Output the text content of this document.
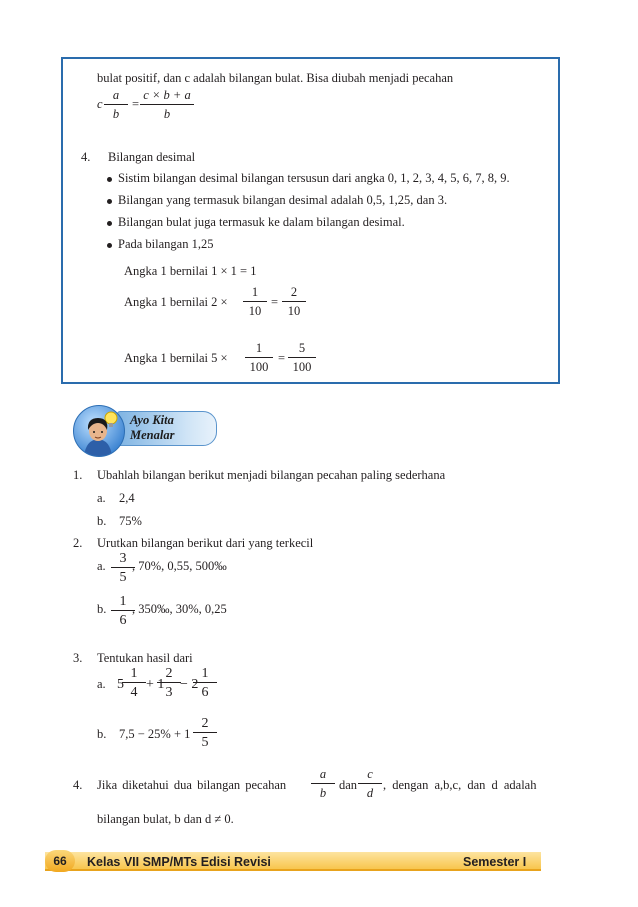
bulat positif, dan c adalah bilangan bulat. Bisa diubah menjadi pecahan
c
a
b
=
c × b + a
b
4. Bilangan desimal
Sistim bilangan desimal bilangan tersusun dari angka 0, 1, 2, 3, 4, 5, 6, 7, 8, 9.
Bilangan yang termasuk bilangan desimal adalah 0,5, 1,25, dan 3.
Bilangan bulat juga termasuk ke dalam bilangan desimal.
Pada bilangan 1,25
Angka 1 bernilai 1 × 1 = 1
Angka 1 bernilai 2 ×
1
10
=
2
10
Angka 1 bernilai 5 ×
1
100
=
5
100
Ayo Kita
Menalar
1. Ubahlah bilangan berikut menjadi bilangan pecahan paling sederhana
a. 2,4
b. 75%
2. Urutkan bilangan berikut dari yang terkecil
a. 3
5
, 70%, 0,55, 500‰
b. 1
6
, 350‰, 30%, 0,25
3. Tentukan hasil dari
a. 5
1
4
+ 1
2
3
− 2
1
6
b. 7,5 − 25% + 1
2
5
4. Jika diketahui dua bilangan pecahan
a
b
dan
c
d
, dengan a,b,c, dan d adalah
bilangan bulat, b dan d ≠ 0.
66	Kelas VII SMP/MTs Edisi Revisi	Semester I
